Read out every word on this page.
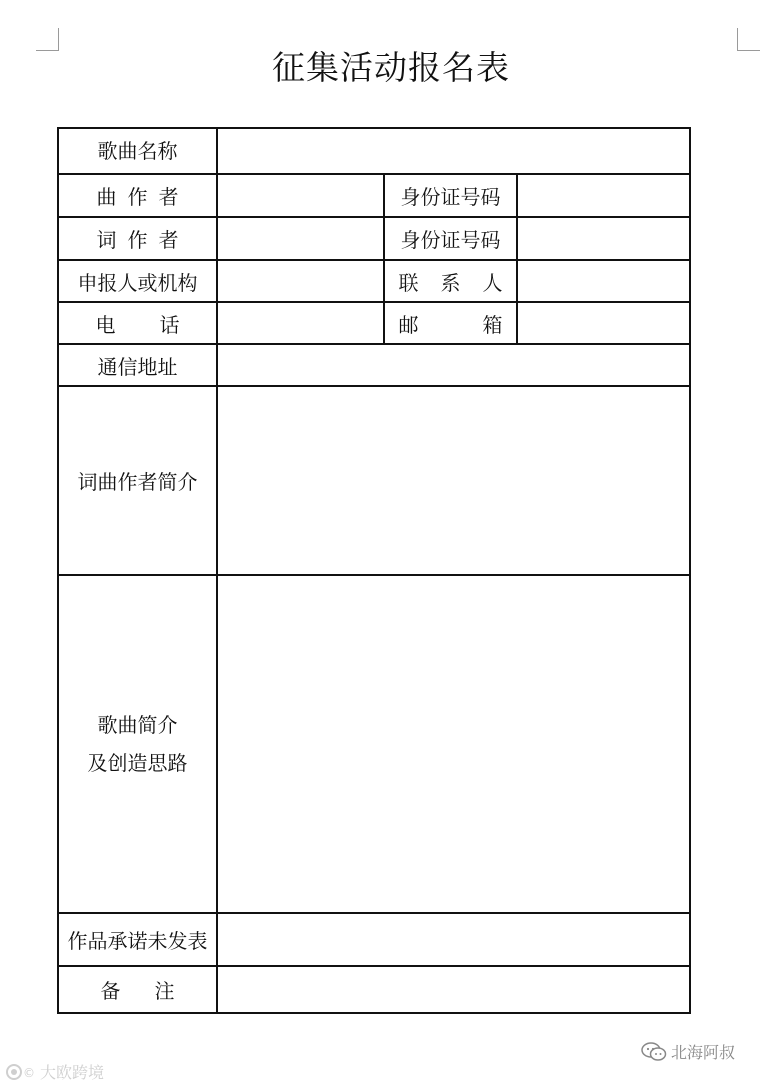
征集活动报名表
歌曲名称			

曲 作 者		身份证号码	

词 作 者		身份证号码	
申报人或机构		联 系 人	

电 话		邮 箱	

通信地址			
词曲作者简介			

歌曲简介
及创造思路			

作品承诺未发表			

备 注			

© 大欧跨境
北海阿叔
